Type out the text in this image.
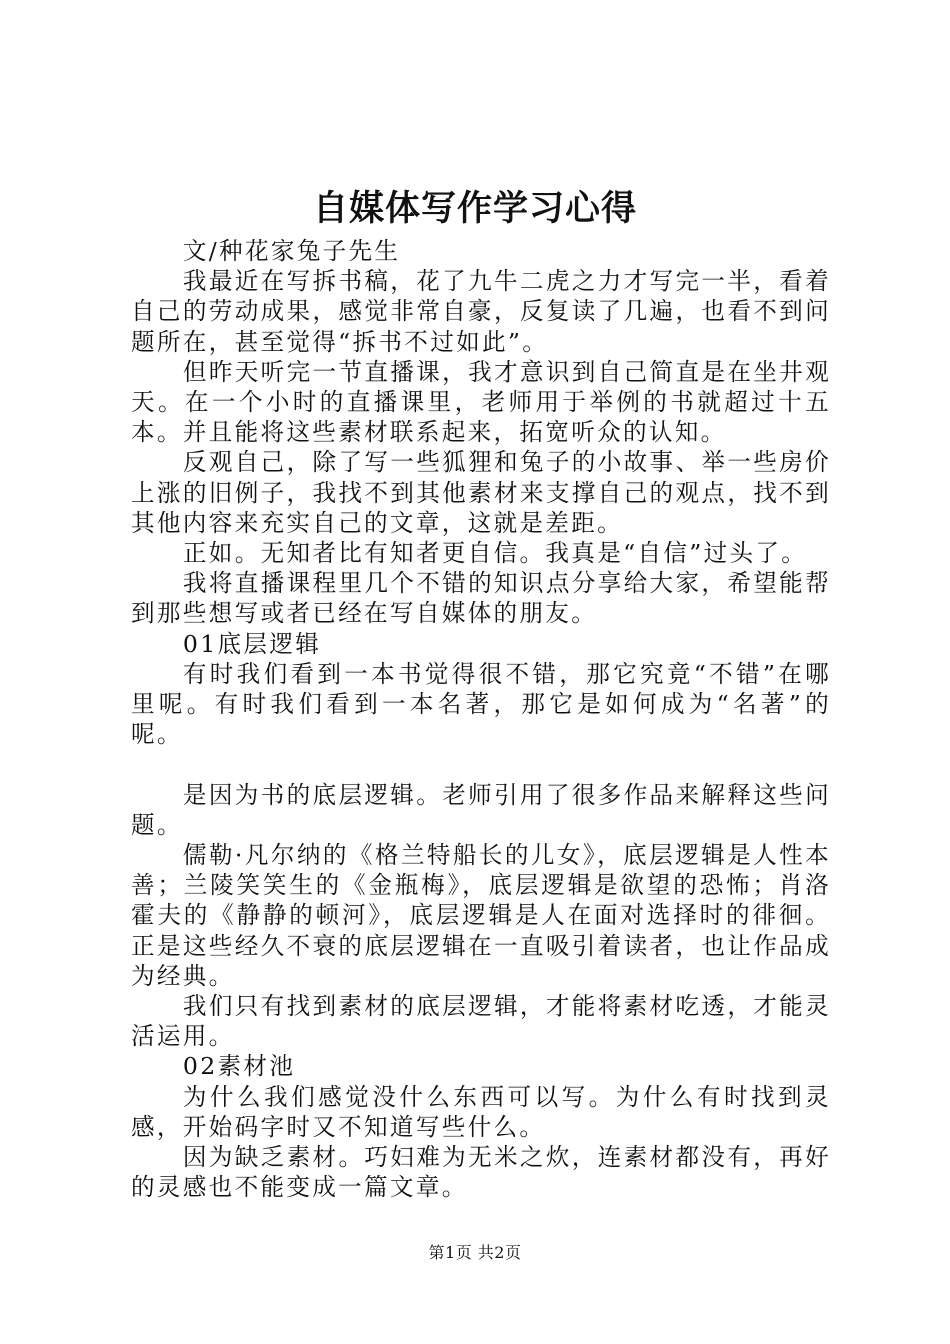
自媒体写作学习心得

文/种花家兔子先生

我最近在写拆书稿，花了九牛二虎之力才写完一半，看着自己的劳动成果，感觉非常自豪，反复读了几遍，也看不到问题所在，甚至觉得“拆书不过如此”。

但昨天听完一节直播课，我才意识到自己简直是在坐井观天。在一个小时的直播课里，老师用于举例的书就超过十五本。并且能将这些素材联系起来，拓宽听众的认知。

反观自己，除了写一些狐狸和兔子的小故事、举一些房价上涨的旧例子，我找不到其他素材来支撑自己的观点，找不到其他内容来充实自己的文章，这就是差距。

正如。无知者比有知者更自信。我真是“自信”过头了。

我将直播课程里几个不错的知识点分享给大家，希望能帮到那些想写或者已经在写自媒体的朋友。

01底层逻辑

有时我们看到一本书觉得很不错，那它究竟“不错”在哪里呢。有时我们看到一本名著，那它是如何成为“名著”的呢。

是因为书的底层逻辑。老师引用了很多作品来解释这些问题。

儒勒·凡尔纳的《格兰特船长的儿女》，底层逻辑是人性本善；兰陵笑笑生的《金瓶梅》，底层逻辑是欲望的恐怖；肖洛霍夫的《静静的顿河》，底层逻辑是人在面对选择时的徘徊。正是这些经久不衰的底层逻辑在一直吸引着读者，也让作品成为经典。

我们只有找到素材的底层逻辑，才能将素材吃透，才能灵活运用。

02素材池

为什么我们感觉没什么东西可以写。为什么有时找到灵感，开始码字时又不知道写些什么。

因为缺乏素材。巧妇难为无米之炊，连素材都没有，再好的灵感也不能变成一篇文章。

第1页 共2页
